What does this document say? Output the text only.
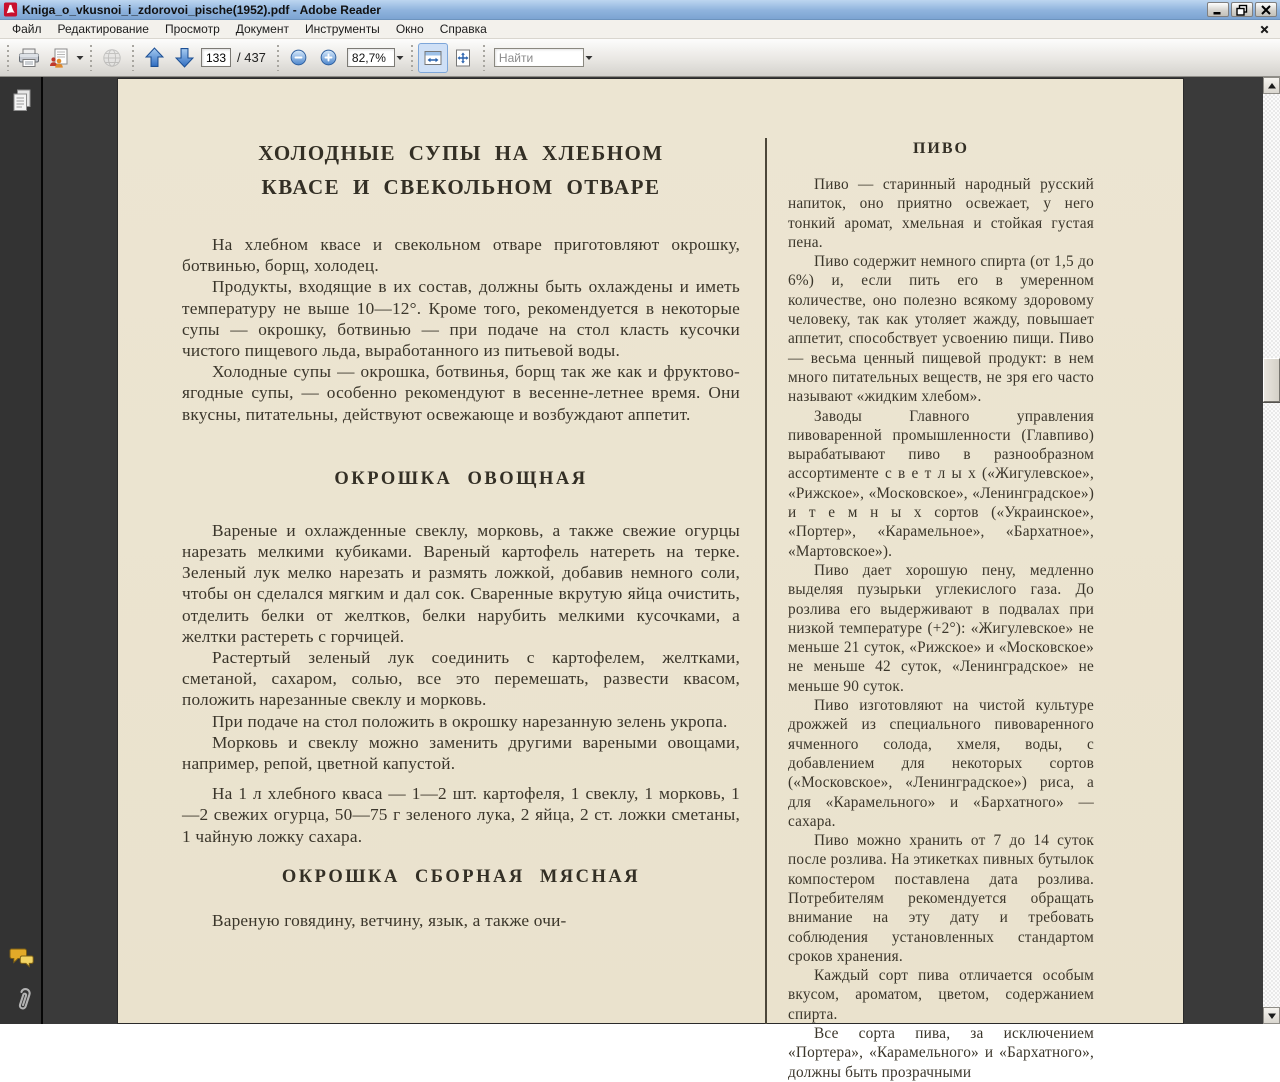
Kniga_o_vkusnoi_i_zdorovoi_pische(1952).pdf - Adobe Reader
Файл	Редактирование	Просмотр	Документ	Инструменты	Окно	Справка
133
/ 437	82,7%
Найти
ХОЛОДНЫЕ СУПЫ НА ХЛЕБНОМ КВАСЕ И СВЕКОЛЬНОМ ОТВАРЕ

На хлебном квасе и свекольном отваре приготовляют окрошку, ботвинью, борщ, холодец.

Продукты, входящие в их состав, должны быть охлаждены и иметь температуру не выше 10—12°. Кроме того, рекомендуется в некоторые супы — окрошку, ботвинью — при подаче на стол класть кусочки чистого пищевого льда, выработанного из питьевой воды.

Холодные супы — окрошка, ботвинья, борщ так же как и фруктово-ягодные супы, — особенно рекомендуют в весенне-летнее время. Они вкусны, питательны, действуют освежающе и возбуждают аппетит.

ОКРОШКА ОВОЩНАЯ

Вареные и охлажденные свеклу, морковь, а также свежие огурцы нарезать мелкими кубиками. Вареный картофель натереть на терке. Зеленый лук мелко нарезать и размять ложкой, добавив немного соли, чтобы он сделался мягким и дал сок. Сваренные вкрутую яйца очистить, отделить белки от желтков, белки нарубить мелкими кусочками, а желтки растереть с горчицей.

Растертый зеленый лук соединить с картофелем, желтками, сметаной, сахаром, солью, все это перемешать, развести квасом, положить нарезанные свеклу и морковь.

При подаче на стол положить в окрошку нарезанную зелень укропа.

Морковь и свеклу можно заменить другими вареными овощами, например, репой, цветной капустой.

На 1 л хлебного кваса — 1—2 шт. картофеля, 1 свеклу, 1 морковь, 1—2 свежих огурца, 50—75 г зеленого лука, 2 яйца, 2 ст. ложки сметаны, 1 чайную ложку сахара.

ОКРОШКА СБОРНАЯ МЯСНАЯ

Вареную говядину, ветчину, язык, а также очи-

ПИВО

Пиво — старинный народный русский напиток, оно приятно освежает, у него тонкий аромат, хмельная и стойкая густая пена.

Пиво содержит немного спирта (от 1,5 до 6%) и, если пить его в умеренном количестве, оно полезно всякому здоровому человеку, так как утоляет жажду, повышает аппетит, способствует усвоению пищи. Пиво — весьма ценный пищевой продукт: в нем много питательных веществ, не зря его часто называют «жидким хлебом».

Заводы Главного управления пивоваренной промышленности (Главпиво) вырабатывают пиво в разнообразном ассортименте с в е т л ы х («Жигулевское», «Рижское», «Московское», «Ленинградское») и т е м н ы х сортов («Украинское», «Портер», «Карамельное», «Бархатное», «Мартовское»).

Пиво дает хорошую пену, медленно выделяя пузырьки углекислого газа. До розлива его выдерживают в подвалах при низкой температуре (+2°): «Жигулевское» не меньше 21 суток, «Рижское» и «Московское» не меньше 42 суток, «Ленинградское» не меньше 90 суток.

Пиво изготовляют на чистой культуре дрожжей из специального пивоваренного ячменного солода, хмеля, воды, с добавлением для некоторых сортов («Московское», «Ленинградское») риса, а для «Карамельного» и «Бархатного» — сахара.

Пиво можно хранить от 7 до 14 суток после розлива. На этикетках пивных бутылок компостером поставлена дата розлива. Потребителям рекомендуется обращать внимание на эту дату и требовать соблюдения установленных стандартом сроков хранения.

Каждый сорт пива отличается особым вкусом, ароматом, цветом, содержанием спирта.

Все сорта пива, за исключением «Портера», «Карамельного» и «Бархатного», должны быть прозрачными
